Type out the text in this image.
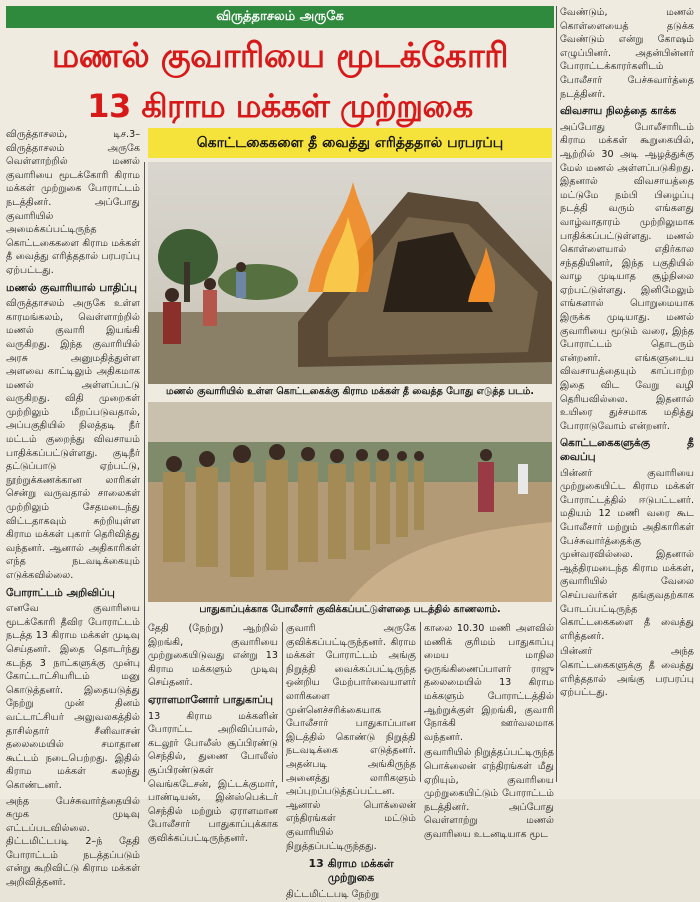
விருத்தாசலம் அருகே
மணல் குவாரியை மூடக்கோரி
13 கிராம மக்கள் முற்றுகை
கொட்டகைகளை தீ வைத்து எரித்ததால் பரபரப்பு

விருத்தாசலம், டிச.3– விருத்தாசலம் அருகே வெள்ளாற்றில் மணல் குவாரியை மூடக்கோரி கிராம மக்கள் முற்றுகை போராட்டம் நடத்தினர். அப்போது குவாரியில் அமைக்கப்பட்டிருந்த கொட்டகைகளை கிராம மக்கள் தீ வைத்து எரித்ததால் பரபரப்பு ஏற்பட்டது.

மணல் குவாரியால் பாதிப்பு

விருத்தாசலம் அருகே உள்ள காரமங்கலம், வெள்ளாற்றில் மணல் குவாரி இயங்கி வருகிறது. இந்த குவாரியில் அரசு அனுமதித்துள்ள அளவை காட்டிலும் அதிகமாக மணல் அள்ளப்பட்டு வருகிறது. விதி முறைகள் முற்றிலும் மீறப்படுவதால், அப்பகுதியில் நிலத்தடி நீர் மட்டம் குறைந்து விவசாயம் பாதிக்கப்பட்டுள்ளது. குடிநீர் தட்டுப்பாடு ஏற்பட்டு, நூற்றுக்கணக்கான லாரிகள் சென்று வருவதால் சாலைகள் முற்றிலும் சேதமடைந்து விட்டதாகவும் சுற்றியுள்ள கிராம மக்கள் புகார் தெரிவித்து வந்தனர். ஆனால் அதிகாரிகள் எந்த நடவடிக்கையும் எடுக்கவில்லை.

போராட்டம் அறிவிப்பு

எனவே குவாரியை மூடக்கோரி தீவிர போராட்டம் நடத்த 13 கிராம மக்கள் முடிவு செய்தனர். இதை தொடர்ந்து கடந்த 3 நாட்களுக்கு முன்பு கோட்டாட்சியரிடம் மனு கொடுத்தனர். இதையடுத்து நேற்று முன் தினம் வட்டாட்சியர் அலுவலகத்தில் தாசில்தார் சீனிவாசன் தலைமையில் சமாதான கூட்டம் நடைபெற்றது. இதில் கிராம மக்கள் கலந்து கொண்டனர்.

அந்த பேச்சுவார்த்தையில் சுமுக முடிவு எட்டப்படவில்லை. திட்டமிட்டபடி 2–ந் தேதி போராட்டம் நடத்தப்படும் என்று கூறிவிட்டு கிராம மக்கள் அறிவித்தனர்.

மணல் குவாரியில் உள்ள கொட்டகைக்கு கிராம மக்கள் தீ வைத்த போது எடுத்த படம்.
பாதுகாப்புக்காக போலீசார் குவிக்கப்பட்டுள்ளதை படத்தில் காணலாம்.

வேண்டும், மணல் கொள்ளையைத் தடுக்க வேண்டும் என்று கோஷம் எழுப்பினர். அதன்பின்னர் போராட்டக்காரர்களிடம் போலீசார் பேச்சுவார்த்தை நடத்தினர்.

விவசாய நிலத்தை காக்க

அப்போது போலீசாரிடம் கிராம மக்கள் கூறுகையில், ஆற்றில் 30 அடி ஆழத்துக்கு மேல் மணல் அள்ளப்படுகிறது. இதனால் விவசாயத்தை மட்டுமே நம்பி பிழைப்பு நடத்தி வரும் எங்களது வாழ்வாதாரம் முற்றிலுமாக பாதிக்கப்பட்டுள்ளது. மணல் கொள்ளையால் எதிர்கால சந்ததியினர், இந்த பகுதியில் வாழ முடியாத சூழ்நிலை ஏற்பட்டுள்ளது. இனிமேலும் எங்களால் பொறுமையாக இருக்க முடியாது. மணல் குவாரியை மூடும் வரை, இந்த போராட்டம் தொடரும் என்றனர். எங்களுடைய விவசாயத்தையும் காப்பாற்ற இதை விட வேறு வழி தெரியவில்லை. இதனால் உயிரை துச்சமாக மதித்து போராடுவோம் என்றனர்.

கொட்டகைகளுக்கு தீ வைப்பு

பின்னர் குவாரியை முற்றுகையிட்ட கிராம மக்கள் போராட்டத்தில் ஈடுபட்டனர். மதியம் 12 மணி வரை கூட போலீசார் மற்றும் அதிகாரிகள் பேச்சுவார்த்தைக்கு முன்வரவில்லை. இதனால் ஆத்திரமடைந்த கிராம மக்கள், குவாரியில் வேலை செய்பவர்கள் தங்குவதற்காக போடப்பட்டிருந்த கொட்டகைகளை தீ வைத்து எரித்தனர்.

பின்னர் அந்த கொட்டகைகளுக்கு தீ வைத்து எரித்ததால் அங்கு பரபரப்பு ஏற்பட்டது.

தேதி (நேற்று) ஆற்றில் இறங்கி, குவாரியை முற்றுகையிடுவது என்று 13 கிராம மக்களும் முடிவு செய்தனர்.

ஏராளமானோர் பாதுகாப்பு

13 கிராம மக்களின் போராட்ட அறிவிப்பால், கடலூர் போலீஸ் சூப்பிரண்டு செந்தில், துணை போலீஸ் சூப்பிரண்டுகள் வெங்கடேசன், இட்டக்குமார், பாண்டியன், இன்ஸ்பெக்டர் செந்தில் மற்றும் ஏராளமான போலீசார் பாதுகாப்புக்காக குவிக்கப்பட்டிருந்தனர்.

குவாரி அருகே குவிக்கப்பட்டிருந்தனர். கிராம மக்கள் போராட்டம் அங்கு நிறுத்தி வைக்கப்பட்டிருந்த ஒன்றிய மேற்பார்வையாளர் லாரிகளை முன்னெச்சரிக்கையாக போலீசார் பாதுகாப்பான இடத்தில் கொண்டு நிறுத்தி நடவடிக்கை எடுத்தனர். அதன்படி அங்கிருந்த அனைத்து லாரிகளும் அப்புறப்படுத்தப்பட்டன. ஆனால் பொக்லைன் எந்திரங்கள் மட்டும் குவாரியில் நிறுத்தப்பட்டிருந்தது.

13 கிராம மக்கள் முற்றுகை

திட்டமிட்டபடி நேற்று

காலை 10.30 மணி அளவில் மணிக் குரிமம் பாதுகாப்பு மைய மாநில ஒருங்கிணைப்பாளர் ராஜு தலைமையில் 13 கிராம மக்களும் போராட்டத்தில் ஆற்றுக்குள் இறங்கி, குவாரி நோக்கி ஊர்வலமாக வந்தனர்.

குவாரியில் நிறுத்தப்பட்டிருந்த பொக்லைன் எந்திரங்கள் மீது ஏறியும், குவாரியை முற்றுகையிட்டும் போராட்டம் நடத்தினர். அப்போது வெள்ளாற்று மணல் குவாரியை உடனடியாக மூட
